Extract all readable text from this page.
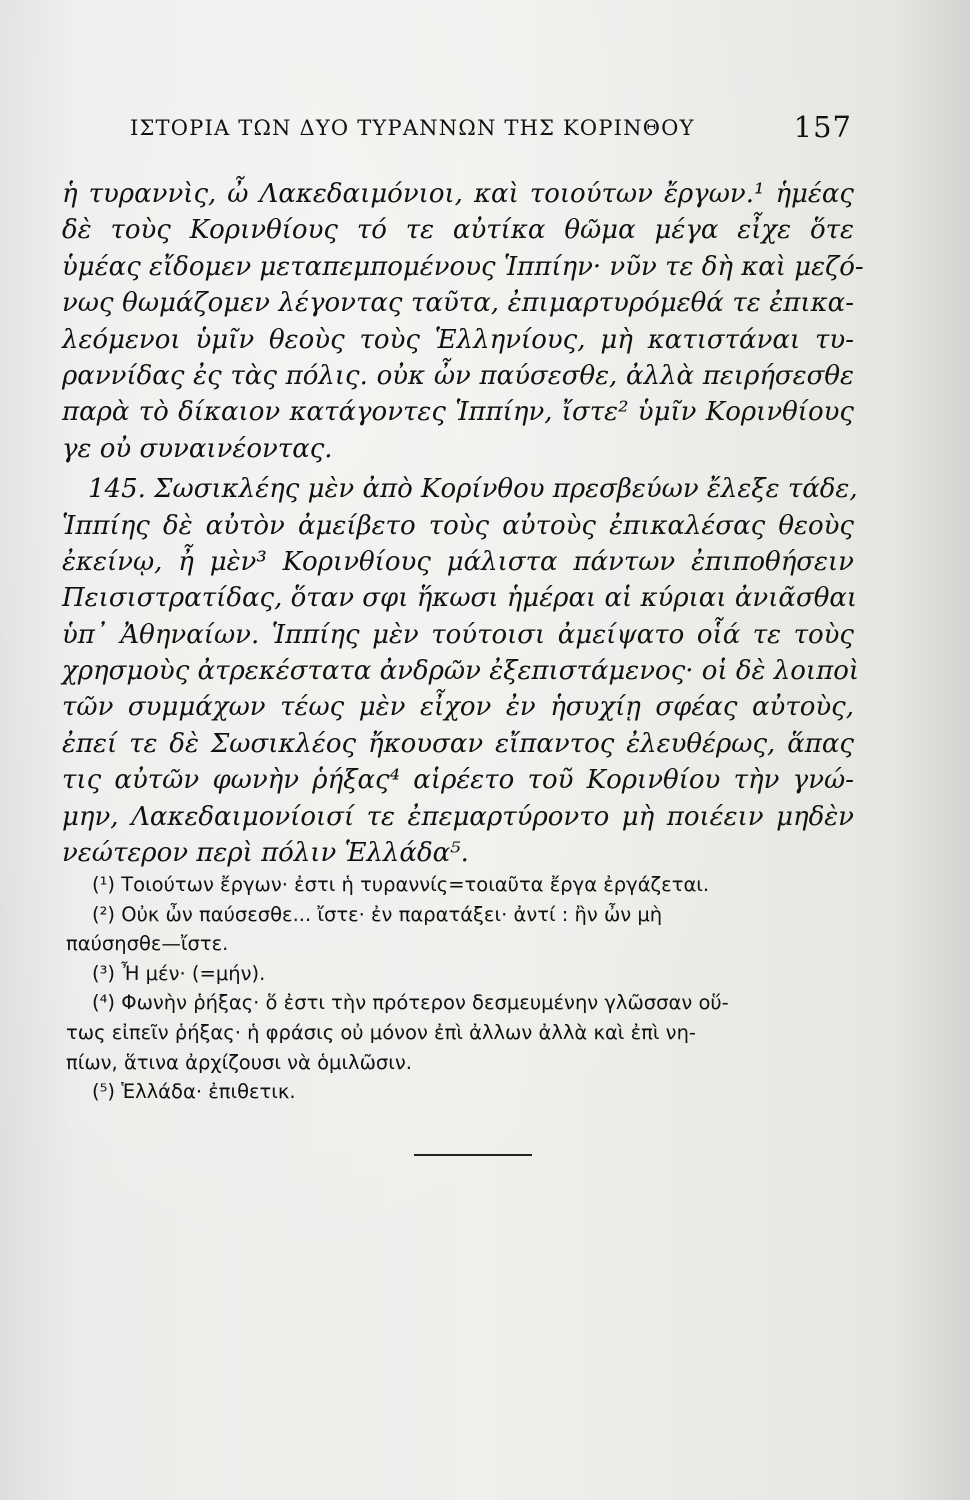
ΙΣΤΟΡΙΑ ΤΩΝ ΔΥΟ ΤΥΡΑΝΝΩΝ ΤΗΣ ΚΟΡΙΝΘΟΥ	157
ἡ τυραννὶς, ὦ Λακεδαιμόνιοι, καὶ τοιούτων ἔργων.¹ ἡμέας
δὲ τοὺς Κορινθίους τό τε αὐτίκα θῶμα μέγα εἶχε ὅτε
ὑμέας εἴδομεν μεταπεμπομένους Ἱππίην· νῦν τε δὴ καὶ μεζό-
νως θωμάζομεν λέγοντας ταῦτα, ἐπιμαρτυρόμεθά τε ἐπικα-
λεόμενοι ὑμῖν θεοὺς τοὺς Ἑλληνίους, μὴ κατιστάναι τυ-
ραννίδας ἐς τὰς πόλις. οὐκ ὦν παύσεσθε, ἀλλὰ πειρήσεσθε
παρὰ τὸ δίκαιον κατάγοντες Ἱππίην, ἴστε² ὑμῖν Κορινθίους
γε οὐ συναινέοντας.
145. Σωσικλέης μὲν ἀπὸ Κορίνθου πρεσβεύων ἔλεξε τάδε,
Ἱππίης δὲ αὐτὸν ἀμείβετο τοὺς αὐτοὺς ἐπικαλέσας θεοὺς
ἐκείνῳ, ἦ μὲν³ Κορινθίους μάλιστα πάντων ἐπιποθήσειν
Πεισιστρατίδας, ὅταν σφι ἥκωσι ἡμέραι αἱ κύριαι ἀνιᾶσθαι
ὑπ᾽ Ἀθηναίων. Ἱππίης μὲν τούτοισι ἀμείψατο οἷά τε τοὺς
χρησμοὺς ἀτρεκέστατα ἀνδρῶν ἐξεπιστάμενος· οἱ δὲ λοιποὶ
τῶν συμμάχων τέως μὲν εἶχον ἐν ἡσυχίῃ σφέας αὐτοὺς,
ἐπεί τε δὲ Σωσικλέος ἤκουσαν εἴπαντος ἐλευθέρως, ἅπας
τις αὐτῶν φωνὴν ῥήξας⁴ αἱρέετο τοῦ Κορινθίου τὴν γνώ-
μην, Λακεδαιμονίοισί τε ἐπεμαρτύροντο μὴ ποιέειν μηδὲν
νεώτερον περὶ πόλιν Ἑλλάδα⁵.
(¹) Τοιούτων ἔργων· ἐστι ἡ τυραννίς=τοιαῦτα ἔργα ἐργάζεται.
(²) Οὐκ ὦν παύσεσθε... ἴστε· ἐν παρατάξει· ἀντί : ἢν ὦν μὴ
παύσησθε—ἴστε.
(³) Ἦ μέν· (=μήν).
(⁴) Φωνὴν ῥήξας· ὅ ἐστι τὴν πρότερον δεσμευμένην γλῶσσαν οὕ-
τως εἰπεῖν ῥήξας· ἡ φράσις οὐ μόνον ἐπὶ ἀλλων ἀλλὰ καὶ ἐπὶ νη-
πίων, ἅτινα ἀρχίζουσι νὰ ὁμιλῶσιν.
(⁵) Ἑλλάδα· ἐπιθετικ.
